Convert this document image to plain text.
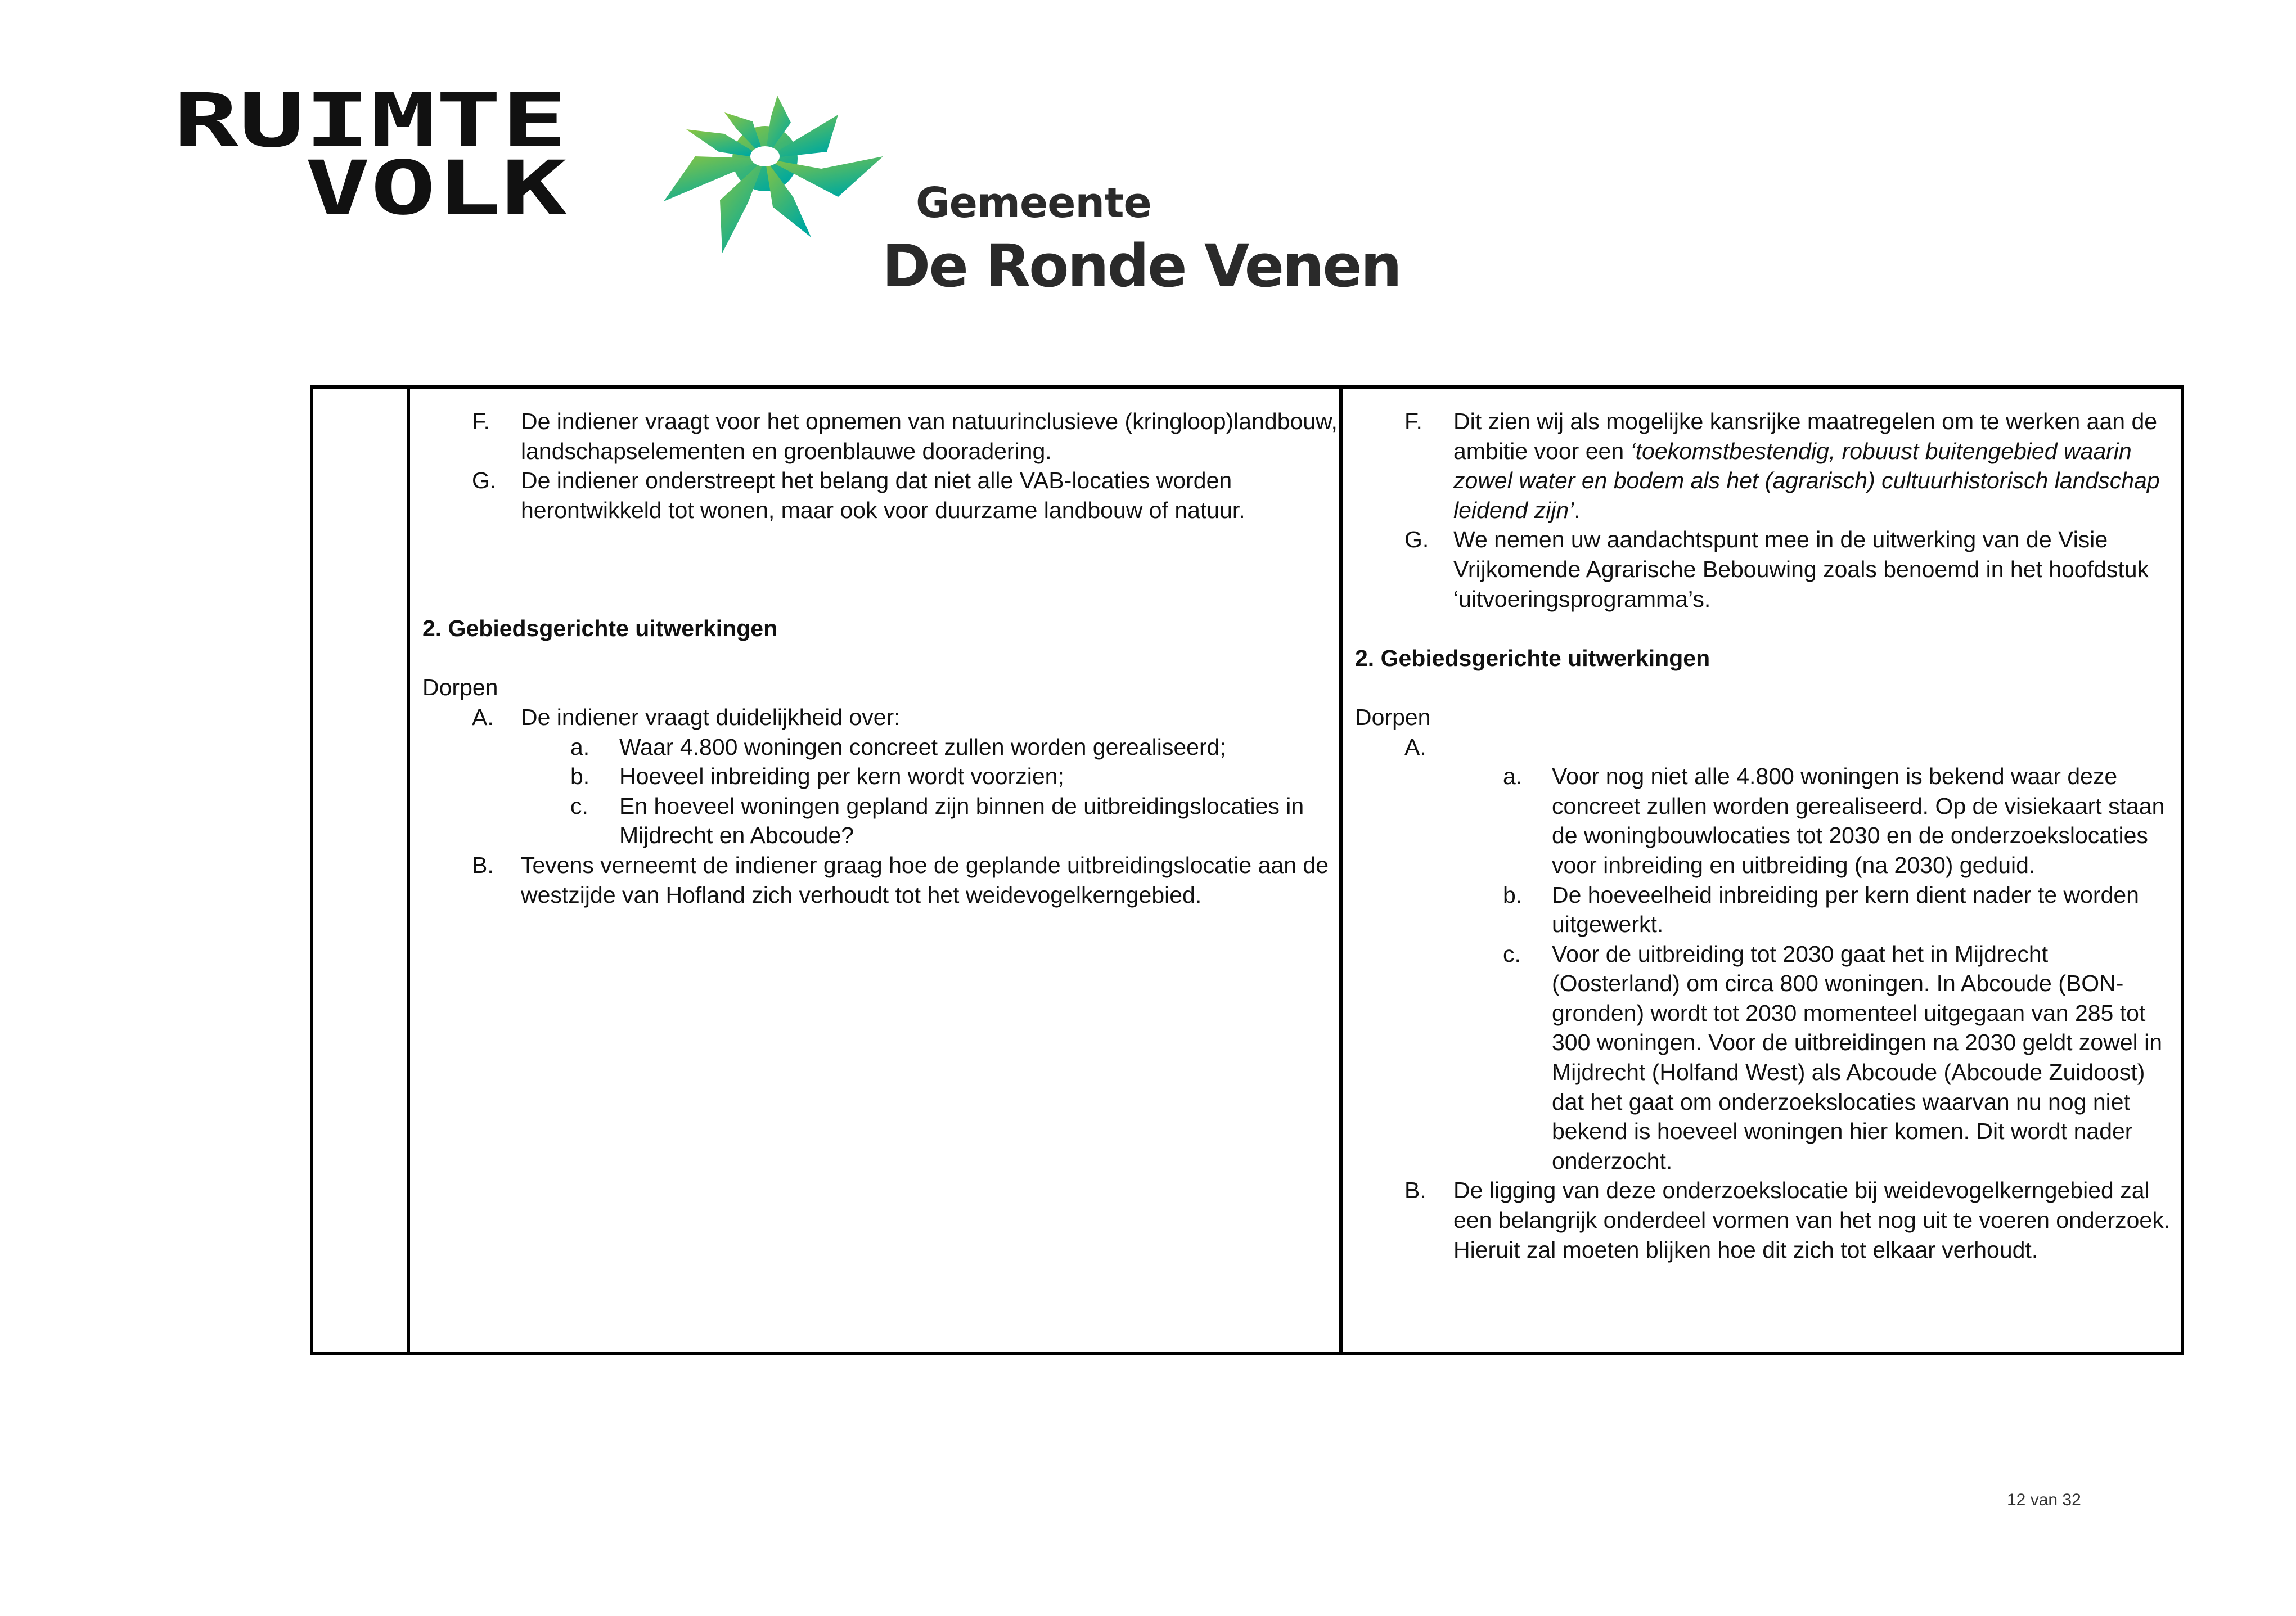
RUIMTE
VOLK	Gemeente
De Ronde Venen
F. De indiener vraagt voor het opnemen van natuurinclusieve (kringloop)landbouw, landschapselementen en groenblauwe dooradering.
G. De indiener onderstreept het belang dat niet alle VAB-locaties worden herontwikkeld tot wonen, maar ook voor duurzame landbouw of natuur.
2. Gebiedsgerichte uitwerkingen
Dorpen
A. De indiener vraagt duidelijkheid over:
a. Waar 4.800 woningen concreet zullen worden gerealiseerd;
b. Hoeveel inbreiding per kern wordt voorzien;
c. En hoeveel woningen gepland zijn binnen de uitbreidingslocaties in Mijdrecht en Abcoude?
B. Tevens verneemt de indiener graag hoe de geplande uitbreidingslocatie aan de westzijde van Hofland zich verhoudt tot het weidevogelkerngebied.
F. Dit zien wij als mogelijke kansrijke maatregelen om te werken aan de ambitie voor een ‘toekomstbestendig, robuust buitengebied waarin zowel water en bodem als het (agrarisch) cultuurhistorisch landschap leidend zijn’.
G. We nemen uw aandachtspunt mee in de uitwerking van de Visie Vrijkomende Agrarische Bebouwing zoals benoemd in het hoofdstuk ‘uitvoeringsprogramma’s.
2. Gebiedsgerichte uitwerkingen
Dorpen
A.

a. Voor nog niet alle 4.800 woningen is bekend waar deze concreet zullen worden gerealiseerd. Op de visiekaart staan de woningbouwlocaties tot 2030 en de onderzoekslocaties voor inbreiding en uitbreiding (na 2030) geduid.
b. De hoeveelheid inbreiding per kern dient nader te worden uitgewerkt.
c. Voor de uitbreiding tot 2030 gaat het in Mijdrecht (Oosterland) om circa 800 woningen. In Abcoude (BON-gronden) wordt tot 2030 momenteel uitgegaan van 285 tot 300 woningen. Voor de uitbreidingen na 2030 geldt zowel in Mijdrecht (Holfand West) als Abcoude (Abcoude Zuidoost) dat het gaat om onderzoekslocaties waarvan nu nog niet bekend is hoeveel woningen hier komen. Dit wordt nader onderzocht.
B. De ligging van deze onderzoekslocatie bij weidevogelkerngebied zal een belangrijk onderdeel vormen van het nog uit te voeren onderzoek. Hieruit zal moeten blijken hoe dit zich tot elkaar verhoudt.
12 van 32
